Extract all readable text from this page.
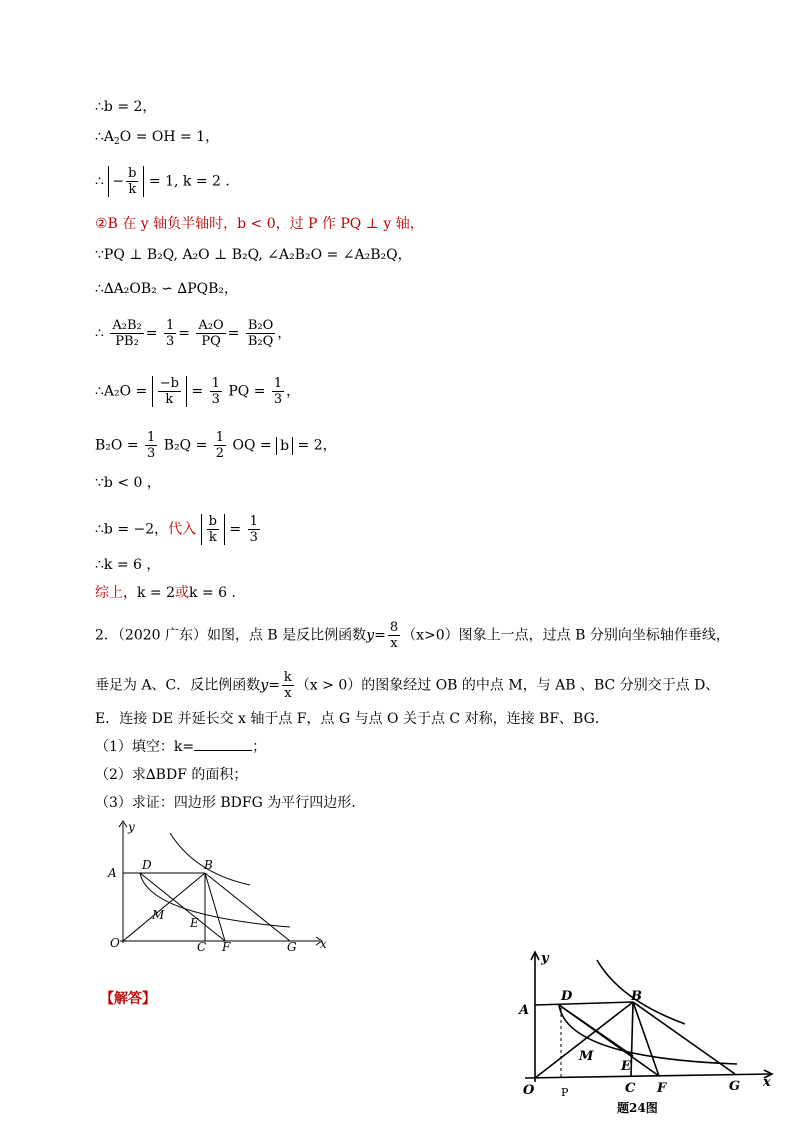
∴b = 2，
$\therefore A_2O$ = OH = 1，
∴ − $\frac{b}{k} = 1$, k = 2 .
②B 在 y 轴负半轴时，b < 0，过 P 作 PQ ⊥ y 轴，
∵PQ ⊥ B₂Q, A₂O ⊥ B₂Q, ∠A₂B₂O = ∠A₂B₂Q，
∴∆A₂OB₂ ∽ ∆PQB₂，
∴ $\frac{\text{A₂B₂}}{\text{PB₂}} = \frac{1}{3} = \frac{\text{A₂O}}{PQ} = \frac{\text{B₂O}}{\text{B₂Q}}$ ，
∴A₂O = $\frac{-b}{k} = \frac{1}{3}$ PQ = $\frac{1}{3}$ ，
$B_2O = \frac{1}{3} B_2Q = \frac{1}{2}$ OQ = b = 2，
∵b < 0 ，
∴b = −2，代入 $\frac{b}{k} = \frac{1}{3}$
∴k = 6 ，
综上，k = 2或k = 6 .
2．（2020 广东）如图，点 B 是反比例函数$y= \frac{8}{x} (x>0)$图象上一点，过点 B 分别向坐标轴作垂线，
垂足为 A、C．反比例函数$y= \frac{k}{x} (x > 0)$的图象经过 OB 的中点 M，与 AB 、BC 分别交于点 D、
E．连接 DE 并延长交 x 轴于点 F，点 G 与点 O 关于点 C 对称，连接 BF、BG．
（1）填空：k=	；
（2）求∆BDF 的面积；
（3）求证：四边形 BDFG 为平行四边形.
y
x
O
A
D	B
M
E
C F	G
【解答】
y
x
O
A
D	B
M
E
C F	G
P
题24图
